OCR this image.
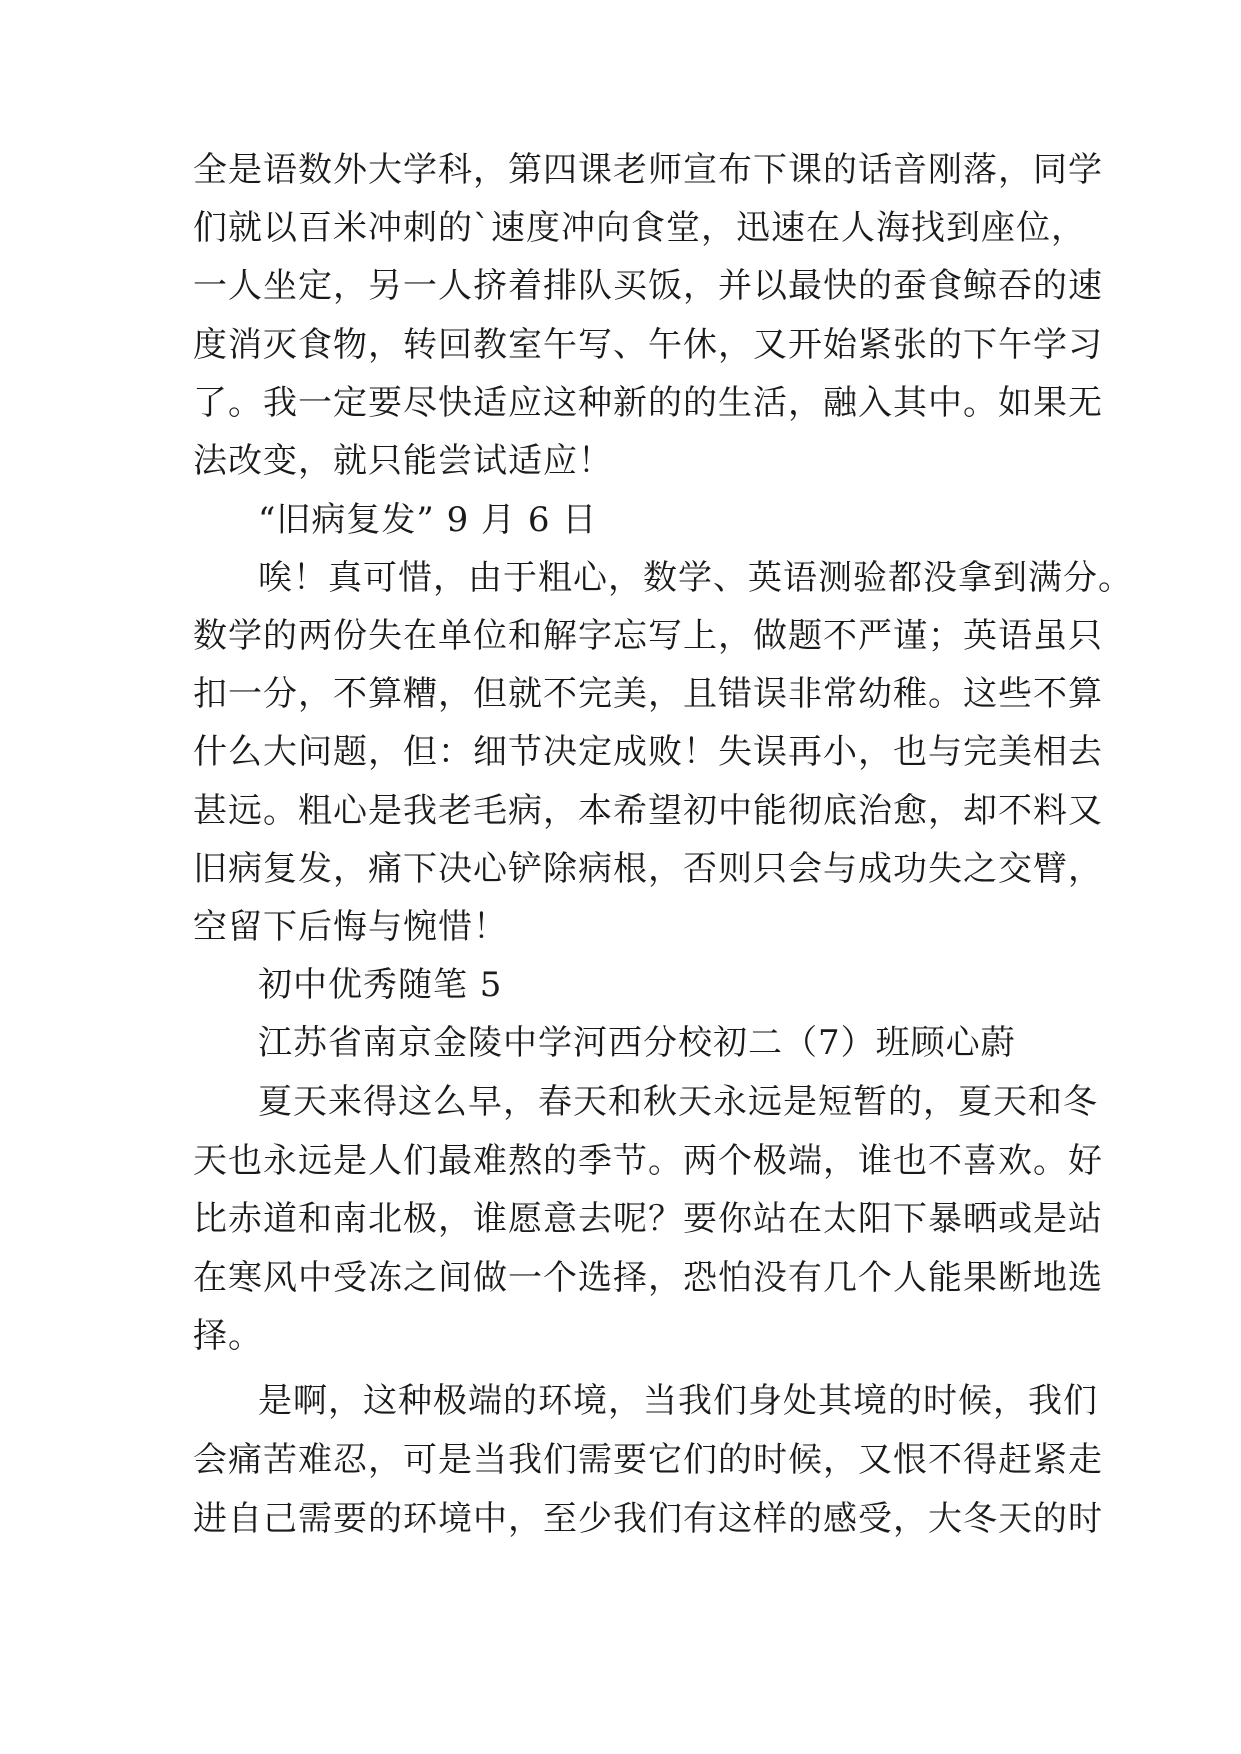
全是语数外大学科，第四课老师宣布下课的话音刚落，同学
们就以百米冲刺的`速度冲向食堂，迅速在人海找到座位，
一人坐定，另一人挤着排队买饭，并以最快的蚕食鲸吞的速
度消灭食物，转回教室午写、午休，又开始紧张的下午学习
了。我一定要尽快适应这种新的的生活，融入其中。如果无
法改变，就只能尝试适应！
“旧病复发” 9 月 6 日
唉！真可惜，由于粗心，数学、英语测验都没拿到满分。
数学的两份失在单位和解字忘写上，做题不严谨；英语虽只
扣一分，不算糟，但就不完美，且错误非常幼稚。这些不算
什么大问题，但：细节决定成败！失误再小，也与完美相去
甚远。粗心是我老毛病，本希望初中能彻底治愈，却不料又
旧病复发，痛下决心铲除病根，否则只会与成功失之交臂，
空留下后悔与惋惜！
初中优秀随笔 5
江苏省南京金陵中学河西分校初二（7）班顾心蔚
夏天来得这么早，春天和秋天永远是短暂的，夏天和冬
天也永远是人们最难熬的季节。两个极端，谁也不喜欢。好
比赤道和南北极，谁愿意去呢？要你站在太阳下暴晒或是站
在寒风中受冻之间做一个选择，恐怕没有几个人能果断地选
择。
是啊，这种极端的环境，当我们身处其境的时候，我们
会痛苦难忍，可是当我们需要它们的时候，又恨不得赶紧走
进自己需要的环境中，至少我们有这样的感受，大冬天的时
